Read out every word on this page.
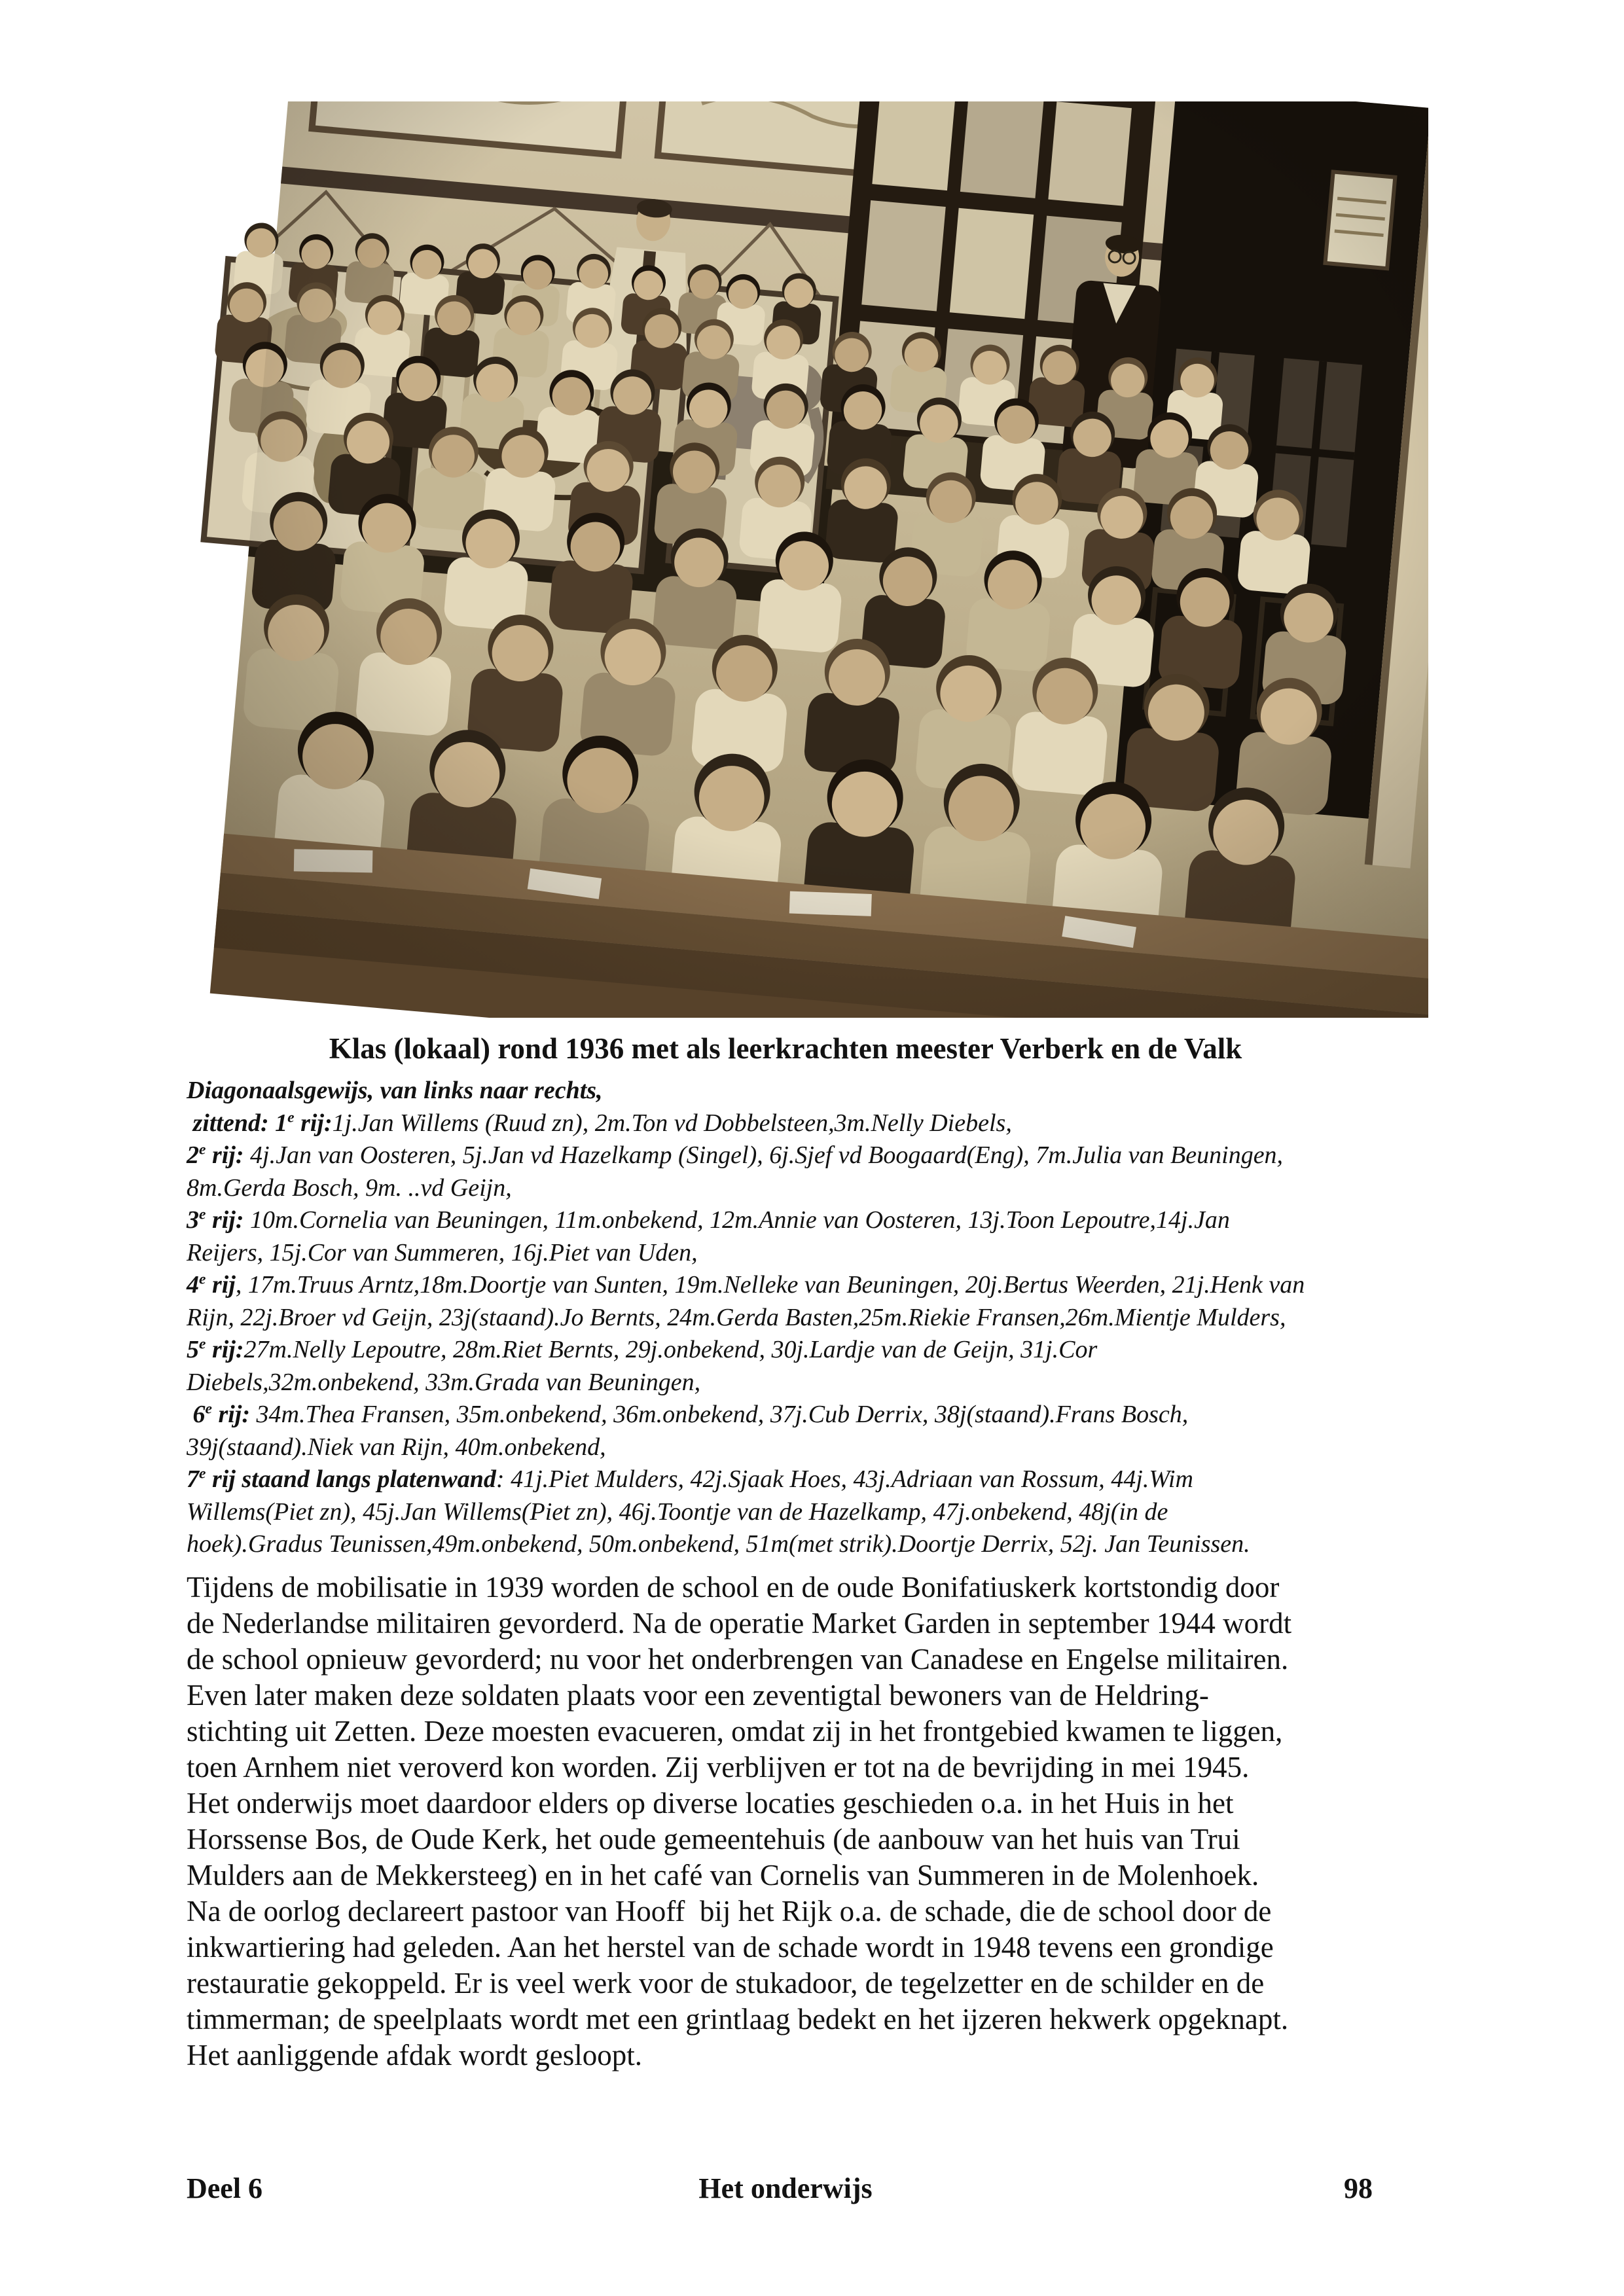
Klas (lokaal) rond 1936 met als leerkrachten meester Verberk en de Valk
Diagonaalsgewijs, van links naar rechts,
zittend: 1e rij:1j.Jan Willems (Ruud zn), 2m.Ton vd Dobbelsteen,3m.Nelly Diebels,
2e rij: 4j.Jan van Oosteren, 5j.Jan vd Hazelkamp (Singel), 6j.Sjef vd Boogaard(Eng), 7m.Julia van Beuningen,
8m.Gerda Bosch, 9m. ..vd Geijn,
3e rij: 10m.Cornelia van Beuningen, 11m.onbekend, 12m.Annie van Oosteren, 13j.Toon Lepoutre,14j.Jan
Reijers, 15j.Cor van Summeren, 16j.Piet van Uden,
4e rij, 17m.Truus Arntz,18m.Doortje van Sunten, 19m.Nelleke van Beuningen, 20j.Bertus Weerden, 21j.Henk van
Rijn, 22j.Broer vd Geijn, 23j(staand).Jo Bernts, 24m.Gerda Basten,25m.Riekie Fransen,26m.Mientje Mulders,
5e rij:27m.Nelly Lepoutre, 28m.Riet Bernts, 29j.onbekend, 30j.Lardje van de Geijn, 31j.Cor
Diebels,32m.onbekend, 33m.Grada van Beuningen,
6e rij: 34m.Thea Fransen, 35m.onbekend, 36m.onbekend, 37j.Cub Derrix, 38j(staand).Frans Bosch,
39j(staand).Niek van Rijn, 40m.onbekend,
7e rij staand langs platenwand: 41j.Piet Mulders, 42j.Sjaak Hoes, 43j.Adriaan van Rossum, 44j.Wim
Willems(Piet zn), 45j.Jan Willems(Piet zn), 46j.Toontje van de Hazelkamp, 47j.onbekend, 48j(in de
hoek).Gradus Teunissen,49m.onbekend, 50m.onbekend, 51m(met strik).Doortje Derrix, 52j. Jan Teunissen.
Tijdens de mobilisatie in 1939 worden de school en de oude Bonifatiuskerk kortstondig door
de Nederlandse militairen gevorderd. Na de operatie Market Garden in september 1944 wordt
de school opnieuw gevorderd; nu voor het onderbrengen van Canadese en Engelse militairen.
Even later maken deze soldaten plaats voor een zeventigtal bewoners van de Heldring-
stichting uit Zetten. Deze moesten evacueren, omdat zij in het frontgebied kwamen te liggen,
toen Arnhem niet veroverd kon worden. Zij verblijven er tot na de bevrijding in mei 1945.
Het onderwijs moet daardoor elders op diverse locaties geschieden o.a. in het Huis in het
Horssense Bos, de Oude Kerk, het oude gemeentehuis (de aanbouw van het huis van Trui
Mulders aan de Mekkersteeg) en in het café van Cornelis van Summeren in de Molenhoek.
Na de oorlog declareert pastoor van Hooff  bij het Rijk o.a. de schade, die de school door de
inkwartiering had geleden. Aan het herstel van de schade wordt in 1948 tevens een grondige
restauratie gekoppeld. Er is veel werk voor de stukadoor, de tegelzetter en de schilder en de
timmerman; de speelplaats wordt met een grintlaag bedekt en het ijzeren hekwerk opgeknapt.
Het aanliggende afdak wordt gesloopt.
Deel 6	Het onderwijs	98
